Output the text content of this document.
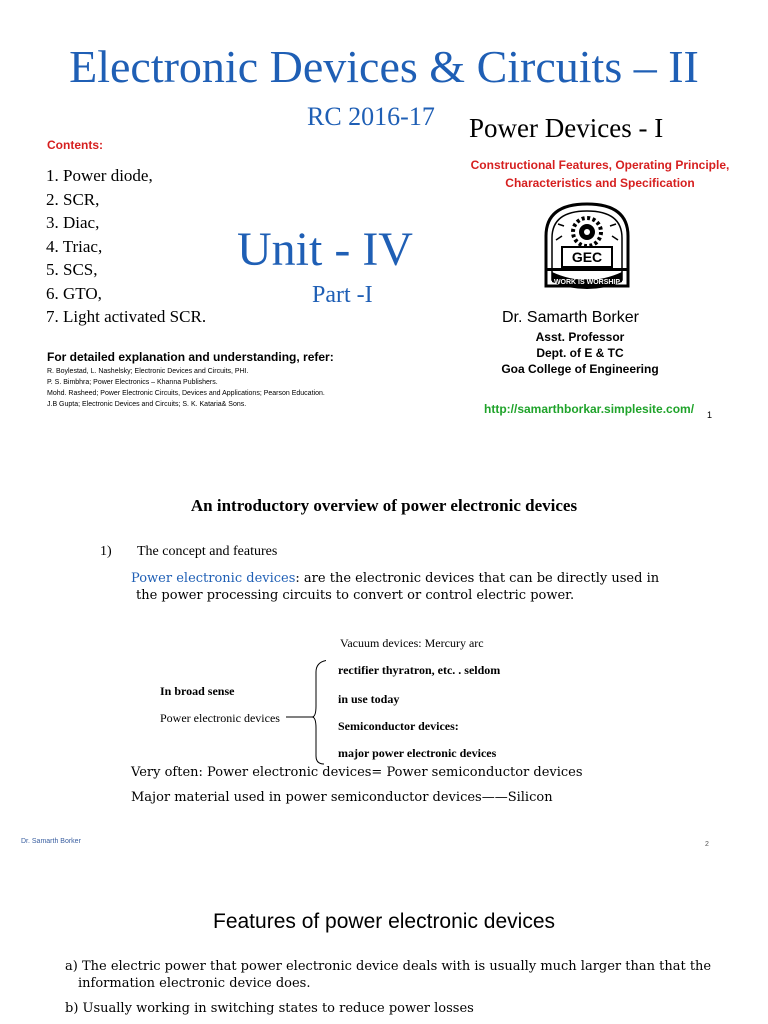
Electronic Devices & Circuits – II
RC 2016-17 Power Devices - I
Contents:
Constructional Features, Operating Principle,
Characteristics and Specification
1. Power diode,
2. SCR,
3. Diac,
4. Triac,
5. SCS,
6. GTO,
7. Light activated SCR.
Unit - IV
Part -I
GEC
WORK IS WORSHIP
Dr. Samarth Borker
Asst. Professor
Dept. of E & TC
Goa College of Engineering
For detailed explanation and understanding, refer:
R. Boylestad, L. Nashelsky; Electronic Devices and Circuits, PHI.
P. S. Bimbhra; Power Electronics – Khanna Publishers.
Mohd. Rasheed; Power Electronic Circuits, Devices and Applications; Pearson Education.
J.B Gupta; Electronic Devices and Circuits; S. K. Kataria& Sons.	http://samarthborkar.simplesite.com/ 1
An introductory overview of power electronic devices
1) The concept and features
Power electronic devices: are the electronic devices that can be directly used in
the power processing circuits to convert or control electric power.
Vacuum devices: Mercury arc
rectifier thyratron, etc. . seldom
In broad sense
in use today
Power electronic devices
Semiconductor devices:
major power electronic devices
Very often: Power electronic devices= Power semiconductor devices
Major material used in power semiconductor devices——Silicon
Dr. Samarth Borker	2
Features of power electronic devices
a) The electric power that power electronic device deals with is usually much larger than that the
information electronic device does.
b) Usually working in switching states to reduce power losses
